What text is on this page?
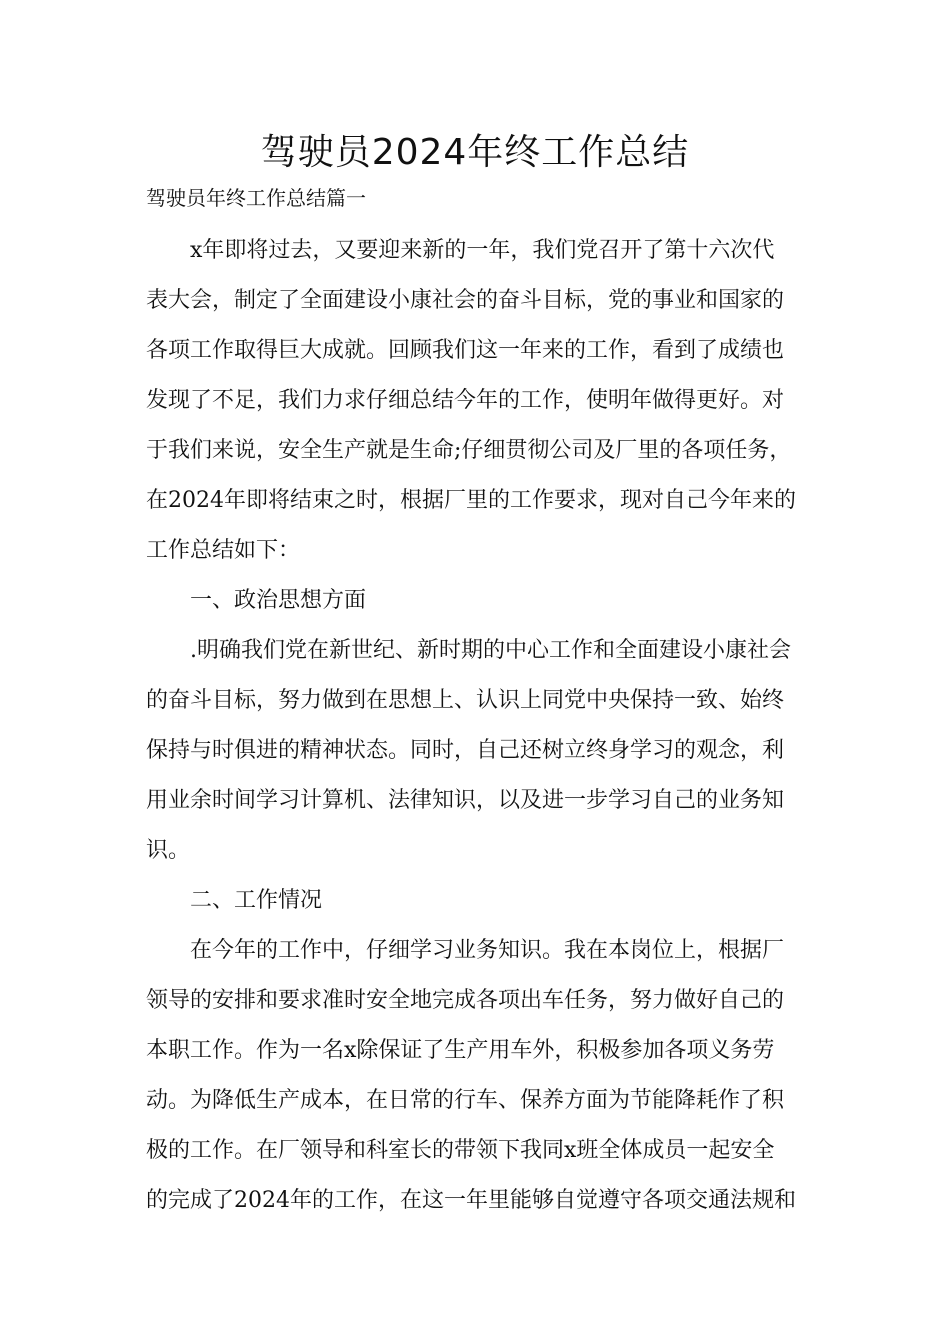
驾驶员2024年终工作总结
驾驶员年终工作总结篇一
x年即将过去，又要迎来新的一年，我们党召开了第十六次代
表大会，制定了全面建设小康社会的奋斗目标，党的事业和国家的
各项工作取得巨大成就。回顾我们这一年来的工作，看到了成绩也
发现了不足，我们力求仔细总结今年的工作，使明年做得更好。对
于我们来说，安全生产就是生命;仔细贯彻公司及厂里的各项任务，
在2024年即将结束之时，根据厂里的工作要求，现对自己今年来的
工作总结如下：
一、政治思想方面
.明确我们党在新世纪、新时期的中心工作和全面建设小康社会
的奋斗目标，努力做到在思想上、认识上同党中央保持一致、始终
保持与时俱进的精神状态。同时，自己还树立终身学习的观念，利
用业余时间学习计算机、法律知识，以及进一步学习自己的业务知
识。
二、工作情况
在今年的工作中，仔细学习业务知识。我在本岗位上，根据厂
领导的安排和要求准时安全地完成各项出车任务，努力做好自己的
本职工作。作为一名x除保证了生产用车外，积极参加各项义务劳
动。为降低生产成本，在日常的行车、保养方面为节能降耗作了积
极的工作。在厂领导和科室长的带领下我同x班全体成员一起安全
的完成了2024年的工作，在这一年里能够自觉遵守各项交通法规和
